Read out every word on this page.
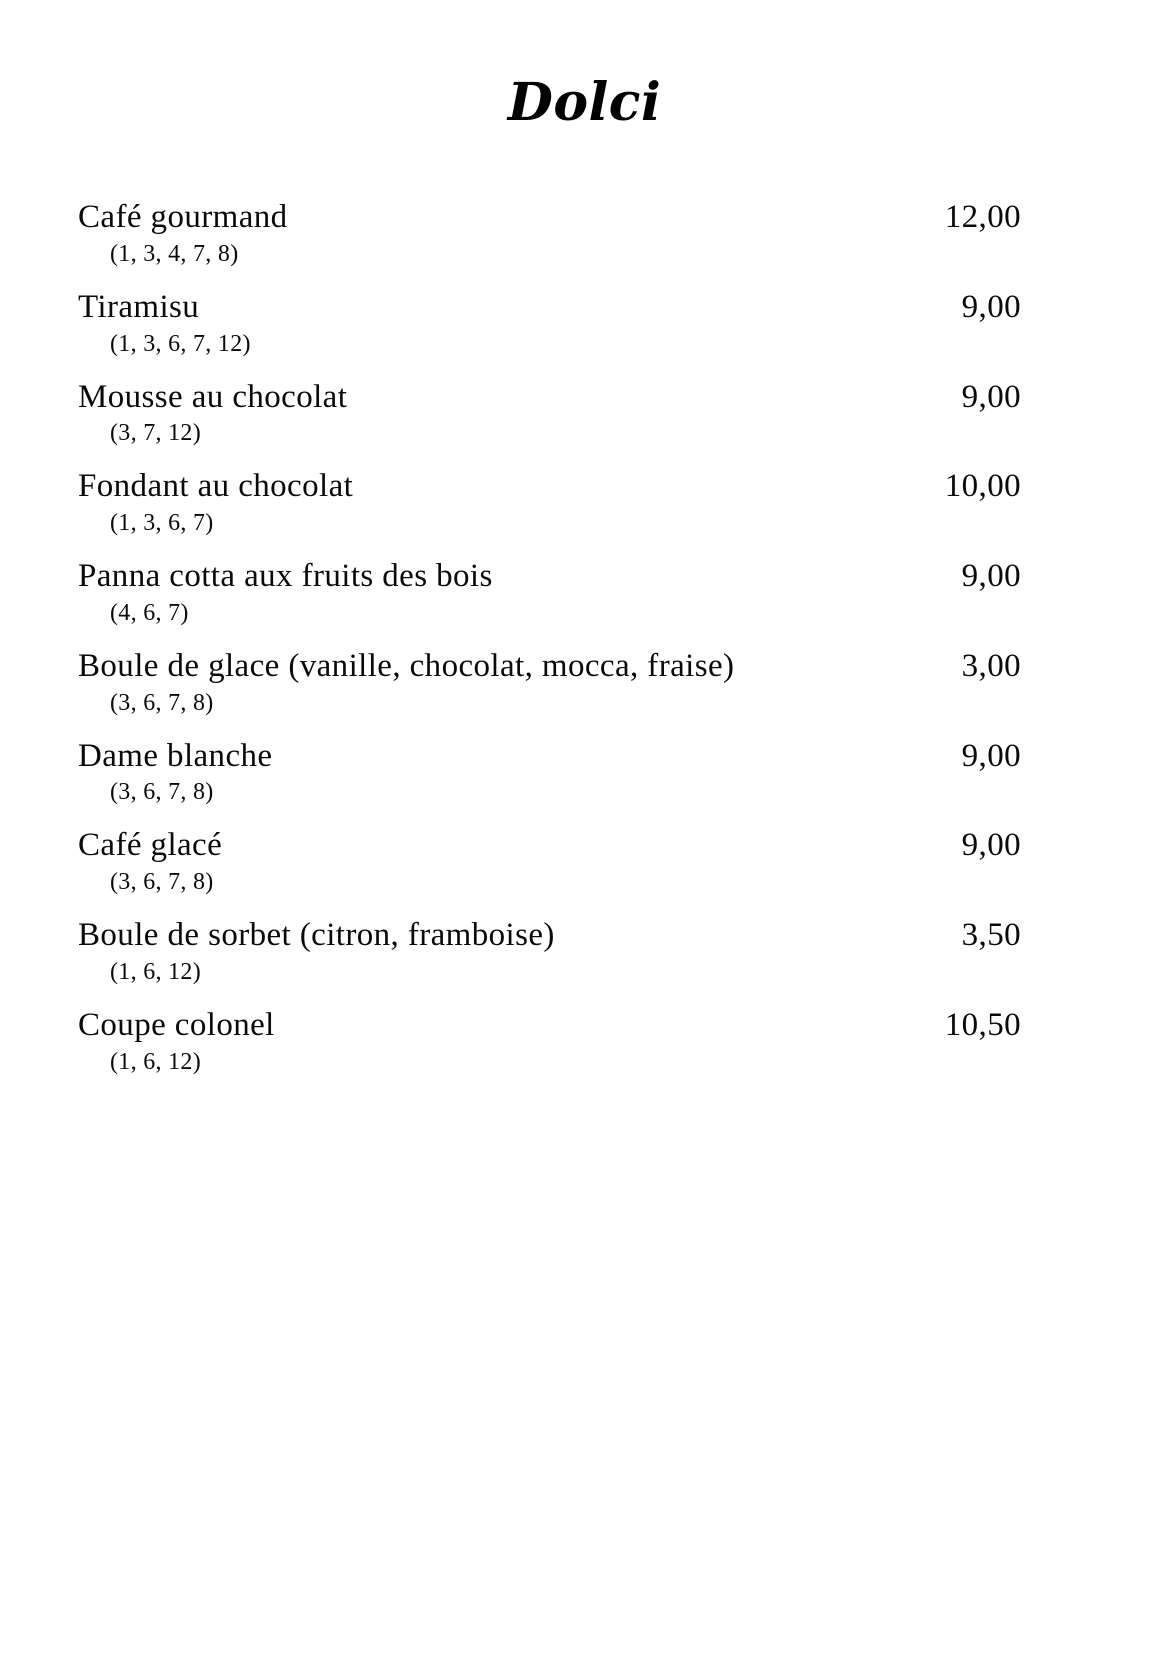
Dolci
Café gourmand	12,00
(1, 3, 4, 7, 8)
Tiramisu	9,00
(1, 3, 6, 7, 12)
Mousse au chocolat	9,00
(3, 7, 12)
Fondant au chocolat	10,00
(1, 3, 6, 7)
Panna cotta aux fruits des bois	9,00
(4, 6, 7)
Boule de glace (vanille, chocolat, mocca, fraise)	3,00
(3, 6, 7, 8)
Dame blanche	9,00
(3, 6, 7, 8)
Café glacé	9,00
(3, 6, 7, 8)
Boule de sorbet (citron, framboise)	3,50
(1, 6, 12)
Coupe colonel	10,50
(1, 6, 12)
